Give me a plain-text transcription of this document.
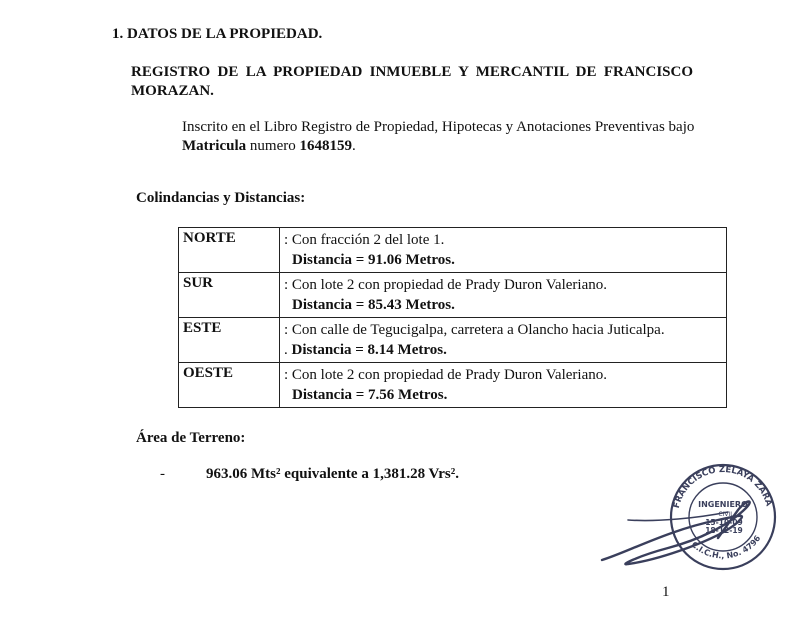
1. DATOS DE LA PROPIEDAD.
REGISTRO DE LA PROPIEDAD INMUEBLE Y MERCANTIL DE FRANCISCO MORAZAN.
Inscrito en el Libro Registro de Propiedad, Hipotecas y Anotaciones Preventivas bajo Matricula numero 1648159.
Colindancias y Distancias:
NORTE	: Con fracción 2 del lote 1.
Distancia = 91.06 Metros.

SUR	: Con lote 2 con propiedad de Prady Duron Valeriano.
Distancia = 85.43 Metros.

ESTE	: Con calle de Tegucigalpa, carretera a Olancho hacia Juticalpa.
. Distancia = 8.14 Metros.

OESTE	: Con lote 2 con propiedad de Prady Duron Valeriano.
Distancia = 7.56 Metros.
Área de Terreno:
-	963.06 Mts² equivalente a 1,381.28 Vrs².
FRANCISCO ZELAYA ZARA
C.I.C.H., No. 4796
INGENIERO
CIVIL
15-10-09
18-12-19
1
